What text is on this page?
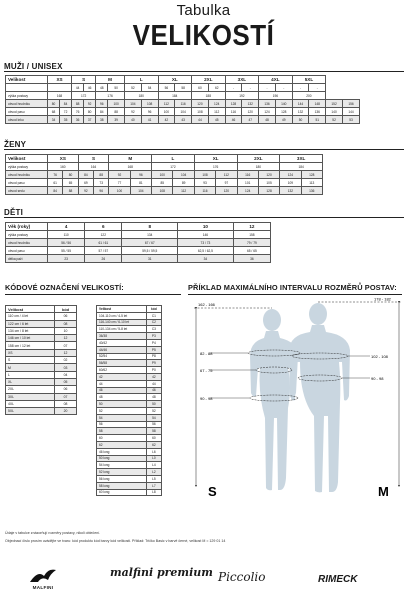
Tabulka
VELIKOSTÍ
MUŽI / UNISEX
Velikost	XS		S		M		L		XL		2XL		3XL		4XL		5XL			
			44	46	48	50	52	54	56	58	60	62	-	-	-	-	-	-		
výška postavy	168		172		176		180		184		188		192		196		200			
obvod hrudníku	80	84	88	92	96	100	104	108	112	116	120	124	128	132	136	140	144	148	152	156
obvod pasu	68	72	76	80	84	88	92	96	100	104	108	112	116	120	124	128	132	136	140	144
obvod krku	34	35	36	37	38	39	40	41	42	43	44	45	46	47	48	49	50	51	52	53
ŽENY
Velikost	XS		S		M		L		XL		2XL		3XL	
výška postavy	160		164		168		172		176		180		184	
obvod hrudníku	76	80	84	88	92	96	100	104	108	112	116	120	124	128
obvod pasu	61	65	69	73	77	81	85	89	93	97	101	105	109	113
obvod sedu	84	88	92	96	100	104	108	112	116	120	124	128	132	136
DĚTI
Věk (roky)	4	6	8	10	12
výška postavy	110	122	134	146	158
obvod hrudníku	56 / 56	61 / 61	67 / 67	73 / 73	79 / 79
obvod pasu	55 / 55	57 / 57	59,5 / 59,5	62,5 / 62,5	65 / 65
délka paží	23	26	31	34	36
KÓDOVÉ OZNAČENÍ VELIKOSTÍ:	PŘÍKLAD MAXIMÁLNÍHO INTERVALU ROZMĚRŮ POSTAV:
Velikost	kód
110 cm / 4 let	06
122 cm / 6 let	08
134 cm / 8 let	10
146 cm / 10 let	12
158 cm / 12 let	07
XS	12
S	02
M	03
L	04
XL	05
2XL	06
3XL	07
4XL	08
5XL	20
Velikost	kód
104-110 cm / 4-5 let	C1
116-140 cm / 6-10 let	C2
110-134 cm / 5-8 let	C3
36/38	P3
40/42	P4
44/46	P5
52/54	P8
56/58	P9
60/62	P0
42	42
44	44
46	46
48	48
50	50
52	52
54	54
56	56
58	58
60	60
62	62
46 long	L6
50 long	L0
54 long	L4
52 long	L2
56 long	L5
58 long	L7
60 long	L8
162 - 166
178 - 182
82 - 88
67 - 75
90 - 98
102 - 108
90 - 98
S	M
Údaje v tabulce znázorňují rozměry postavy, nikoli oblečení.
Objednací číslo prosím uvádějte ve tvaru: kód produktu kód barvy kód velikosti. Příklad: Tričko Basic v barvě černé, velikost M = 129 01 14
MALFINI
malfini premium Piccolio	RIMECK
